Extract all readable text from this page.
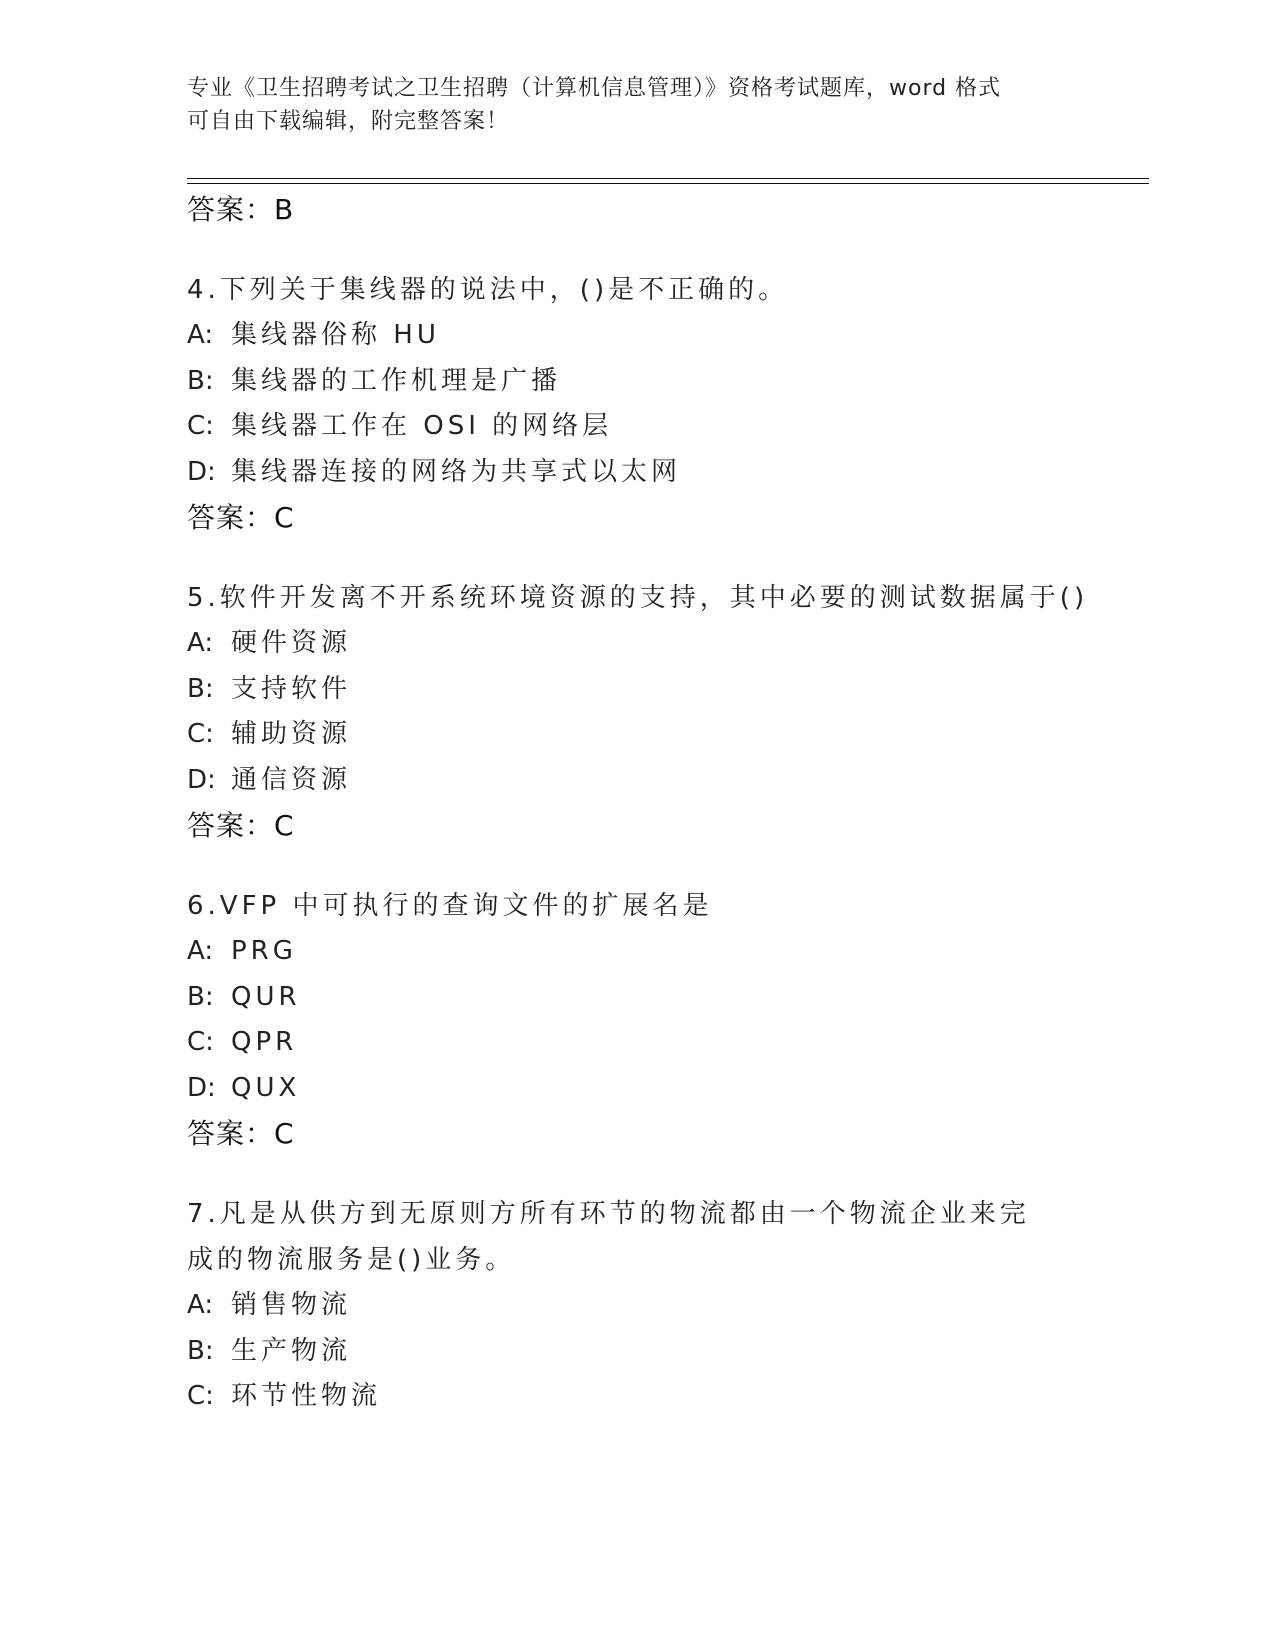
专业《卫生招聘考试之卫生招聘（计算机信息管理）》资格考试题库，word 格式
可自由下载编辑，附完整答案！
答案：B
4.下列关于集线器的说法中，()是不正确的。
A: 集线器俗称 HU
B: 集线器的工作机理是广播
C: 集线器工作在 OSI 的网络层
D: 集线器连接的网络为共享式以太网
答案：C
5.软件开发离不开系统环境资源的支持，其中必要的测试数据属于()
A: 硬件资源
B: 支持软件
C: 辅助资源
D: 通信资源
答案：C
6.VFP 中可执行的查询文件的扩展名是
A: PRG
B: QUR
C: QPR
D: QUX
答案：C
7.凡是从供方到无原则方所有环节的物流都由一个物流企业来完成的物流服务是()业务。
A: 销售物流
B: 生产物流
C: 环节性物流
